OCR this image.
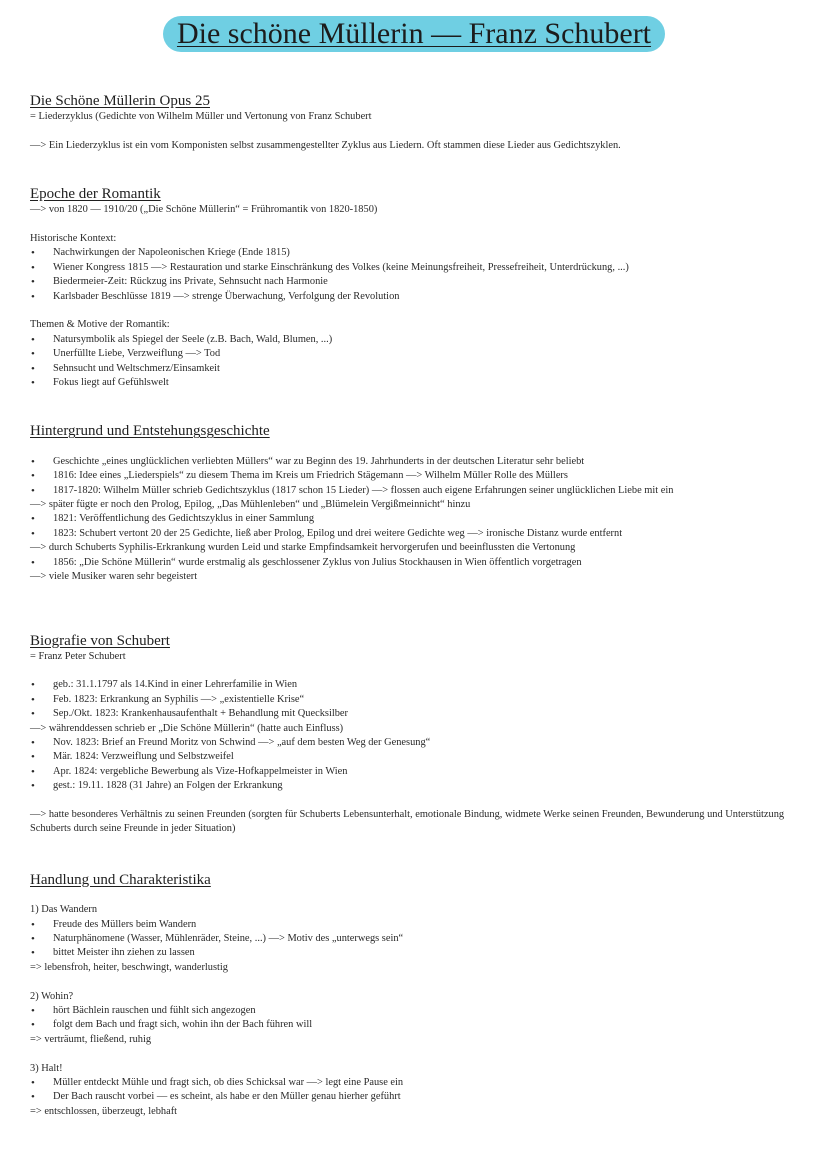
Die schöne Müllerin — Franz Schubert

Die Schöne Müllerin Opus 25

= Liederzyklus (Gedichte von Wilhelm Müller und Vertonung von Franz Schubert

—> Ein Liederzyklus ist ein vom Komponisten selbst zusammengestellter Zyklus aus Liedern. Oft stammen diese Lieder aus Gedichtszyklen.

Epoche der Romantik

—> von 1820 — 1910/20 („Die Schöne Müllerin“ = Frühromantik von 1820-1850)

Historische Kontext:

• Nachwirkungen der Napoleonischen Kriege (Ende 1815)
• Wiener Kongress 1815 —> Restauration und starke Einschränkung des Volkes (keine Meinungsfreiheit, Pressefreiheit, Unterdrückung, ...)
• Biedermeier-Zeit: Rückzug ins Private, Sehnsucht nach Harmonie
• Karlsbader Beschlüsse 1819 —> strenge Überwachung, Verfolgung der Revolution

Themen & Motive der Romantik:

• Natursymbolik als Spiegel der Seele (z.B. Bach, Wald, Blumen, ...)
• Unerfüllte Liebe, Verzweiflung —> Tod
• Sehnsucht und Weltschmerz/Einsamkeit
• Fokus liegt auf Gefühlswelt

Hintergrund und Entstehungsgeschichte

• Geschichte „eines unglücklichen verliebten Müllers“ war zu Beginn des 19. Jahrhunderts in der deutschen Literatur sehr beliebt
• 1816: Idee eines „Liederspiels“ zu diesem Thema im Kreis um Friedrich Stägemann —> Wilhelm Müller Rolle des Müllers
• 1817-1820: Wilhelm Müller schrieb Gedichtszyklus (1817 schon 15 Lieder) —> flossen auch eigene Erfahrungen seiner unglücklichen Liebe mit ein

—> später fügte er noch den Prolog, Epilog, „Das Mühlenleben“ und „Blümelein Vergißmeinnicht“ hinzu

• 1821: Veröffentlichung des Gedichtszyklus in einer Sammlung
• 1823: Schubert vertont 20 der 25 Gedichte, ließ aber Prolog, Epilog und drei weitere Gedichte weg —> ironische Distanz wurde entfernt

—> durch Schuberts Syphilis-Erkrankung wurden Leid und starke Empfindsamkeit hervorgerufen und beeinflussten die Vertonung

• 1856: „Die Schöne Müllerin“ wurde erstmalig als geschlossener Zyklus von Julius Stockhausen in Wien öffentlich vorgetragen

—> viele Musiker waren sehr begeistert

Biografie von Schubert

= Franz Peter Schubert

• geb.: 31.1.1797 als 14.Kind in einer Lehrerfamilie in Wien
• Feb. 1823: Erkrankung an Syphilis —> „existentielle Krise“
• Sep./Okt. 1823: Krankenhausaufenthalt + Behandlung mit Quecksilber

—> währenddessen schrieb er „Die Schöne Müllerin“ (hatte auch Einfluss)

• Nov. 1823: Brief an Freund Moritz von Schwind —> „auf dem besten Weg der Genesung“
• Mär. 1824: Verzweiflung und Selbstzweifel
• Apr. 1824: vergebliche Bewerbung als Vize-Hofkappelmeister in Wien
• gest.: 19.11. 1828 (31 Jahre) an Folgen der Erkrankung

—> hatte besonderes Verhältnis zu seinen Freunden (sorgten für Schuberts Lebensunterhalt, emotionale Bindung, widmete Werke seinen Freunden, Bewunderung und Unterstützung Schuberts durch seine Freunde in jeder Situation)

Handlung und Charakteristika

1) Das Wandern

• Freude des Müllers beim Wandern
• Naturphänomene (Wasser, Mühlenräder, Steine, ...) —> Motiv des „unterwegs sein“
• bittet Meister ihn ziehen zu lassen

=> lebensfroh, heiter, beschwingt, wanderlustig

2) Wohin?

• hört Bächlein rauschen und fühlt sich angezogen
• folgt dem Bach und fragt sich, wohin ihn der Bach führen will

=> verträumt, fließend, ruhig

3) Halt!

• Müller entdeckt Mühle und fragt sich, ob dies Schicksal war —> legt eine Pause ein
• Der Bach rauscht vorbei — es scheint, als habe er den Müller genau hierher geführt

=> entschlossen, überzeugt, lebhaft
